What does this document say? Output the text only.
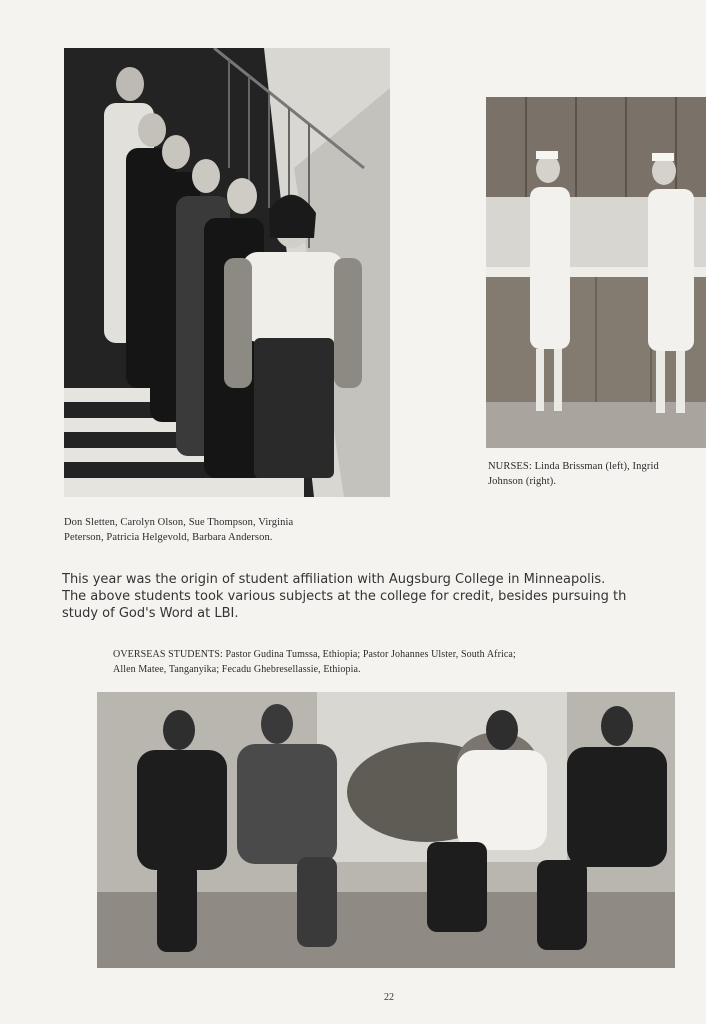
Don Sletten, Carolyn Olson, Sue Thompson, Virginia
Peterson, Patricia Helgevold, Barbara Anderson.
NURSES: Linda Brissman (left), Ingrid
Johnson (right).
This year was the origin of student affiliation with Augsburg College in Minneapolis.
The above students took various subjects at the college for credit, besides pursuing th
study of God's Word at LBI.
OVERSEAS STUDENTS: Pastor Gudina Tumssa, Ethiopia; Pastor Johannes Ulster, South Africa;
Allen Matee, Tanganyika; Fecadu Ghebresellassie, Ethiopia.
22
